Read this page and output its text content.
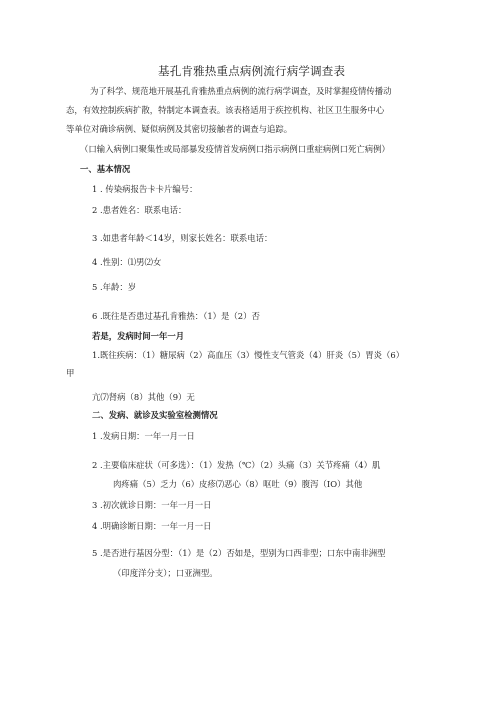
基孔肯雅热重点病例流行病学调查表
为了科学、规范地开展基孔肯雅热重点病例的流行病学调查，及时掌握疫情传播动
态，有效控制疾病扩散，特制定本调查表。该表格适用于疾控机构、社区卫生服务中心
等单位对确诊病例、疑似病例及其密切接触者的调查与追踪。
（口输入病例口聚集性或局部暴发疫情首发病例口指示病例口重症病例口死亡病例）
一、基本情况
1 . 传染病报告卡卡片编号：
2 .患者姓名：联系电话：
3 .如患者年龄＜14岁，则家长姓名：联系电话：
4 .性别：⑴男⑵女
5 .年龄：岁
6 .既往是否患过基孔肯雅热：（1）是（2）否
若是，发病时间一年一月
1.既往疾病：（1）糖尿病（2）高血压（3）慢性支气管炎（4）肝炎（5）胃炎（6）
甲
亢⑺肾病（8）其他（9）无
二、发病、就诊及实验室检测情况
1 .发病日期：一年一月一日
2 .主要临床症状（可多选）：（1）发热（℃）（2）头痛（3）关节疼痛（4）肌
肉疼痛（5）乏力（6）皮疹⑺恶心（8）呕吐（9）腹泻（IO）其他
3 .初次就诊日期：一年一月一日
4 .明确诊断日期：一年一月一日
5 .是否进行基因分型：（1）是（2）否如是，型别为口西非型；口东中南非洲型
（印度洋分支）；口亚洲型。
